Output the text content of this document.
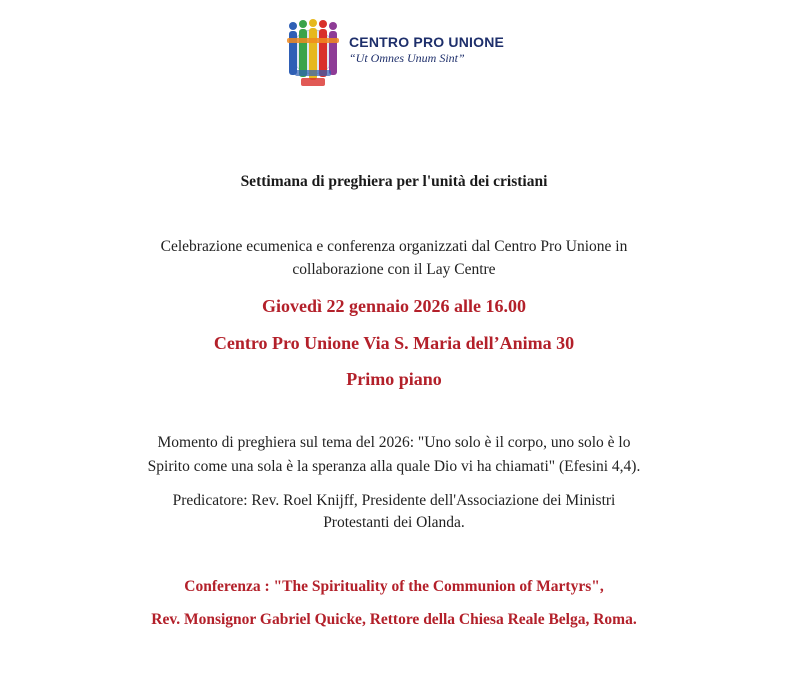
CENTRO PRO UNIONE
“Ut Omnes Unum Sint”
Settimana di preghiera per l'unità dei cristiani
Celebrazione ecumenica e conferenza organizzati dal Centro Pro Unione in
collaborazione con il Lay Centre
Giovedì 22 gennaio 2026 alle 16.00
Centro Pro Unione Via S. Maria dell’Anima 30
Primo piano
Momento di preghiera sul tema del 2026: "Uno solo è il corpo, uno solo è lo
Spirito come una sola è la speranza alla quale Dio vi ha chiamati" (Efesini 4,4).
Predicatore: Rev. Roel Knijff, Presidente dell'Associazione dei Ministri
Protestanti dei Olanda.
Conferenza : "The Spirituality of the Communion of Martyrs",
Rev. Monsignor Gabriel Quicke, Rettore della Chiesa Reale Belga, Roma.
